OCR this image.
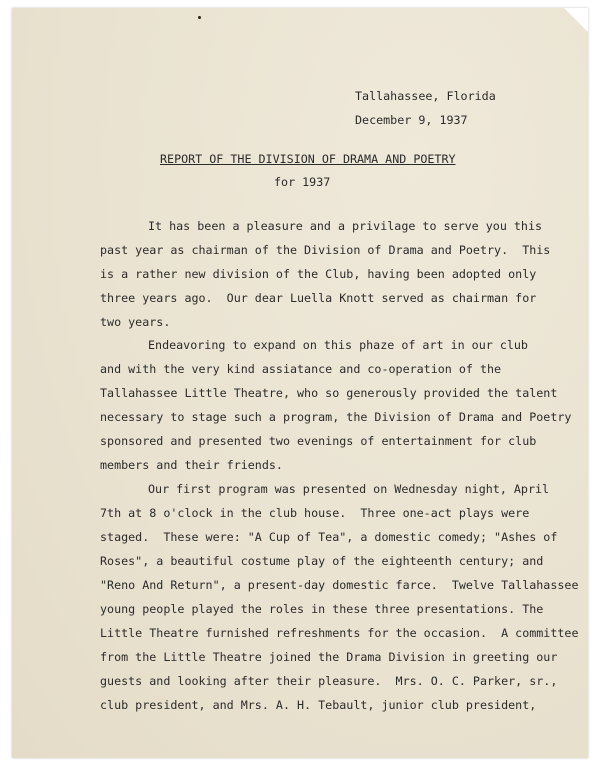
Tallahassee, Florida
December 9, 1937
REPORT OF THE DIVISION OF DRAMA AND POETRY
for 1937
It has been a pleasure and a privilage to serve you this
past year as chairman of the Division of Drama and Poetry.  This
is a rather new division of the Club, having been adopted only
three years ago.  Our dear Luella Knott served as chairman for
two years.
Endeavoring to expand on this phaze of art in our club
and with the very kind assiatance and co-operation of the
Tallahassee Little Theatre, who so generously provided the talent
necessary to stage such a program, the Division of Drama and Poetry
sponsored and presented two evenings of entertainment for club
members and their friends.
Our first program was presented on Wednesday night, April
7th at 8 o'clock in the club house.  Three one-act plays were
staged.  These were: "A Cup of Tea", a domestic comedy; "Ashes of
Roses", a beautiful costume play of the eighteenth century; and
"Reno And Return", a present-day domestic farce.  Twelve Tallahassee
young people played the roles in these three presentations. The
Little Theatre furnished refreshments for the occasion.  A committee
from the Little Theatre joined the Drama Division in greeting our
guests and looking after their pleasure.  Mrs. O. C. Parker, sr.,
club president, and Mrs. A. H. Tebault, junior club president,
